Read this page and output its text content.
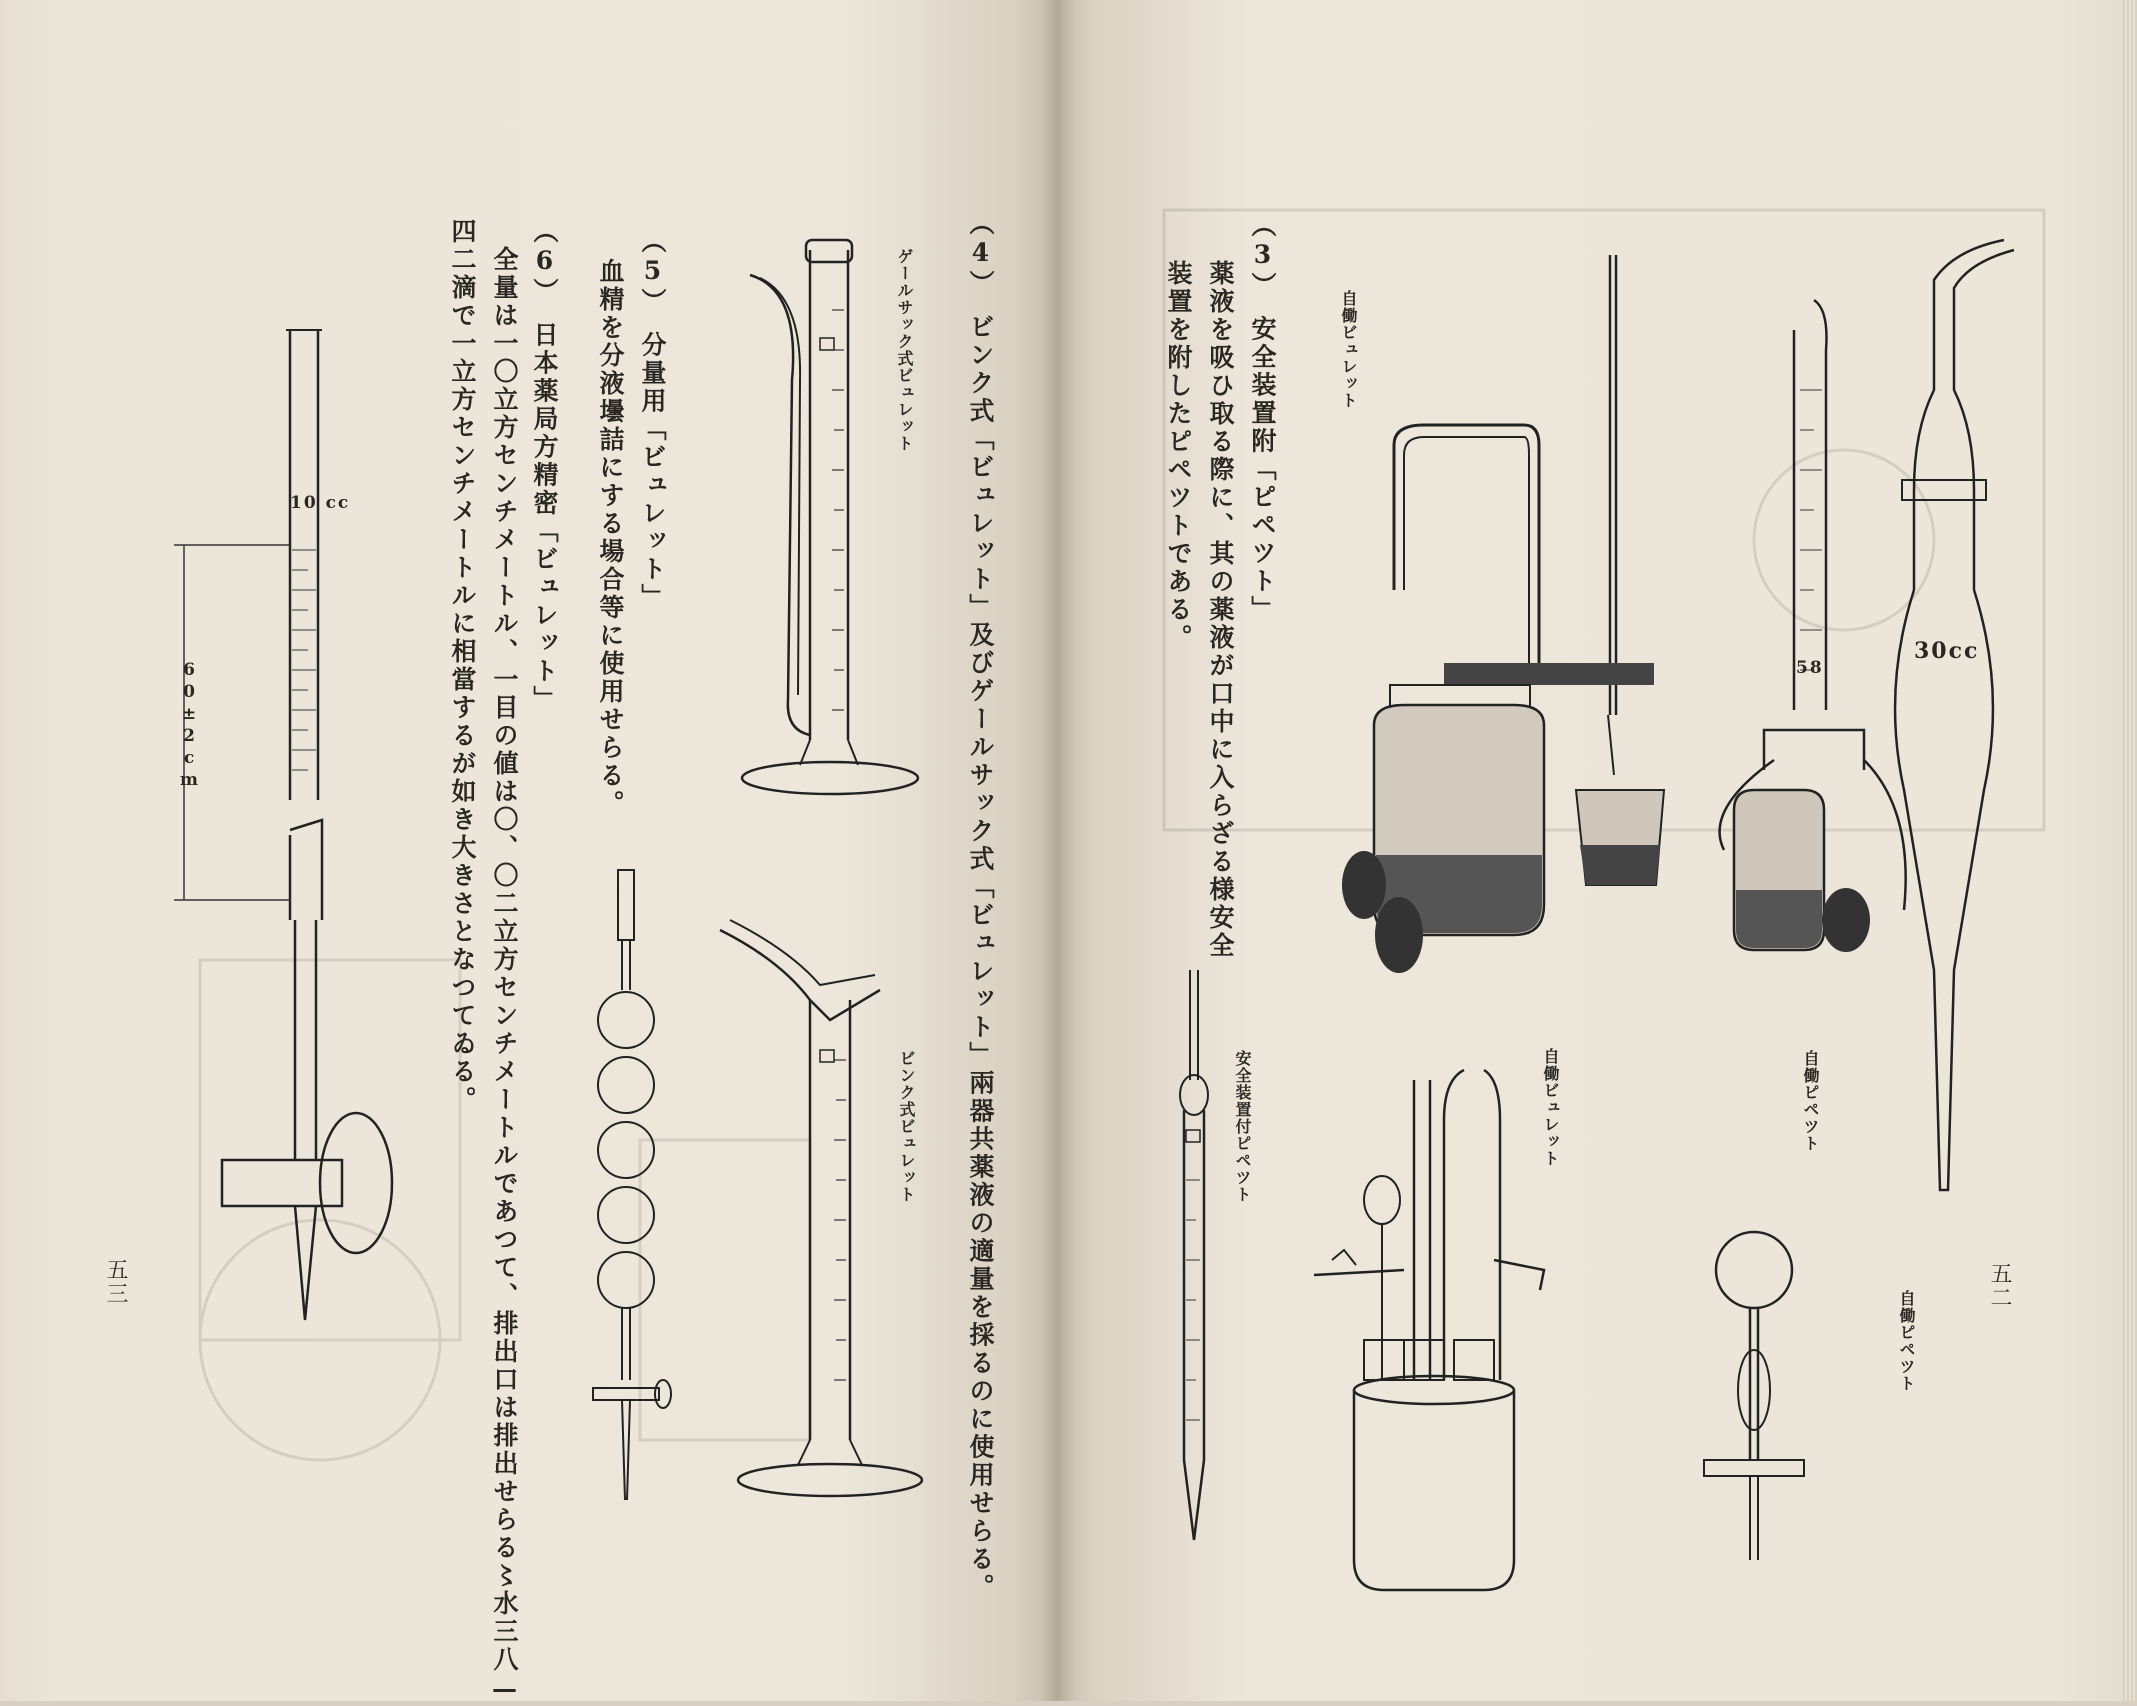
（4）　ビンク式「ビュレット」及びゲールサック式「ビュレット」兩器共薬液の適量を採るのに使用せらる。
（5）　分量用「ビュレット」
血精を分液壜詰にする場合等に使用せらる。
（6）　日本薬局方精密「ビュレット」
全量は一〇立方センチメートル、一目の値は〇、〇二立方センチメートルであつて、排出口は排出せらる〻水三八—
四二滴で一立方センチメートルに相當するが如き大きさとなつてゐる。	ゲールサック式ビュレット
ビンク式ビュレット
60±2cm
10 cc
五三
（3）　安全装置附「ピペツト」
薬液を吸ひ取る際に、其の薬液が口中に入らざる様安全
装置を附したピペツトである。	自働ビュレット
58
30cc
自働ピペツト
安全装置付ピペツト	自働ビュレット	自働ピペツト
五二
